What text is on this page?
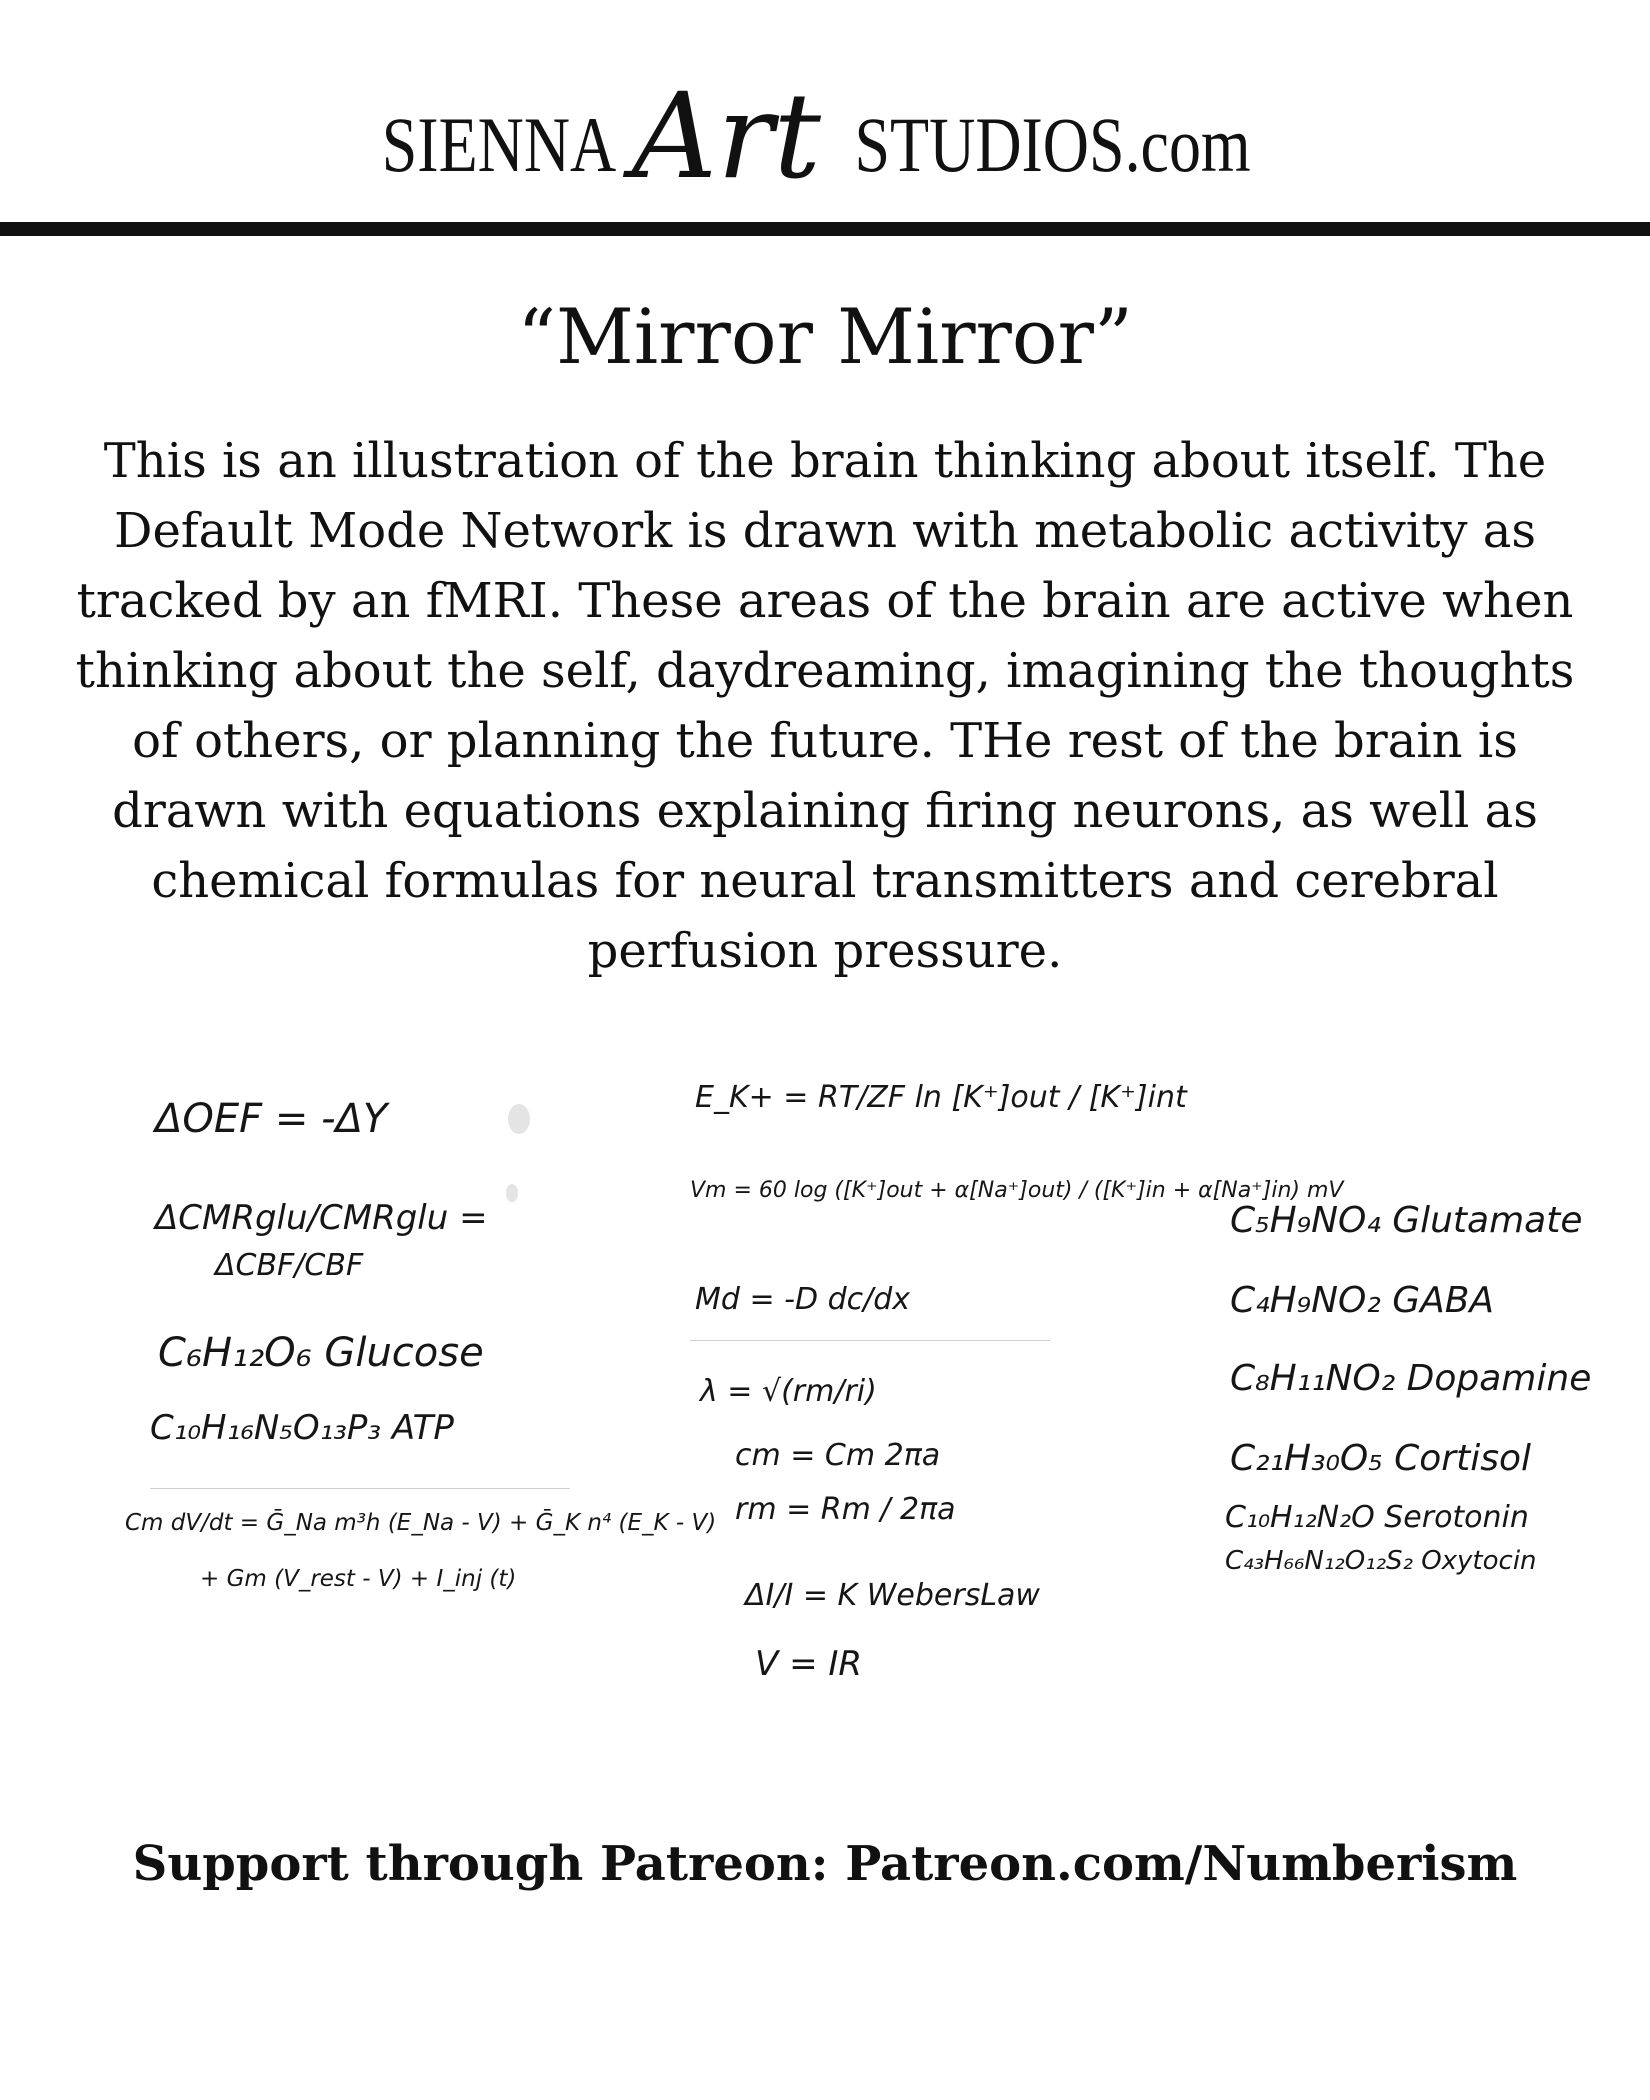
SIENNA Art STUDIOS.com
“Mirror Mirror”
This is an illustration of the brain thinking about itself. The Default Mode Network is drawn with metabolic activity as tracked by an fMRI. These areas of the brain are active when thinking about the self, daydreaming, imagining the thoughts of others, or planning the future. THe rest of the brain is drawn with equations explaining firing neurons, as well as chemical formulas for neural transmitters and cerebral perfusion pressure.
ΔOEF = -ΔY
ΔCMRglu/CMRglu =
ΔCBF/CBF
C₆H₁₂O₆ Glucose
C₁₀H₁₆N₅O₁₃P₃ ATP
Cm dV/dt = Ḡ_Na m³h (E_Na - V) + Ḡ_K n⁴ (E_K - V)
+ Gm (V_rest - V) + I_inj (t)
E_K+ = RT/ZF ln [K⁺]out / [K⁺]int
Vm = 60 log ([K⁺]out + α[Na⁺]out) / ([K⁺]in + α[Na⁺]in) mV
Md = -D dc/dx
λ = √(rm/ri)
cm = Cm 2πa
rm = Rm / 2πa
ΔI/I = K WebersLaw
V = IR
C₅H₉NO₄ Glutamate
C₄H₉NO₂ GABA
C₈H₁₁NO₂ Dopamine
C₂₁H₃₀O₅ Cortisol
C₁₀H₁₂N₂O Serotonin
C₄₃H₆₆N₁₂O₁₂S₂ Oxytocin
Support through Patreon: Patreon.com/Numberism
